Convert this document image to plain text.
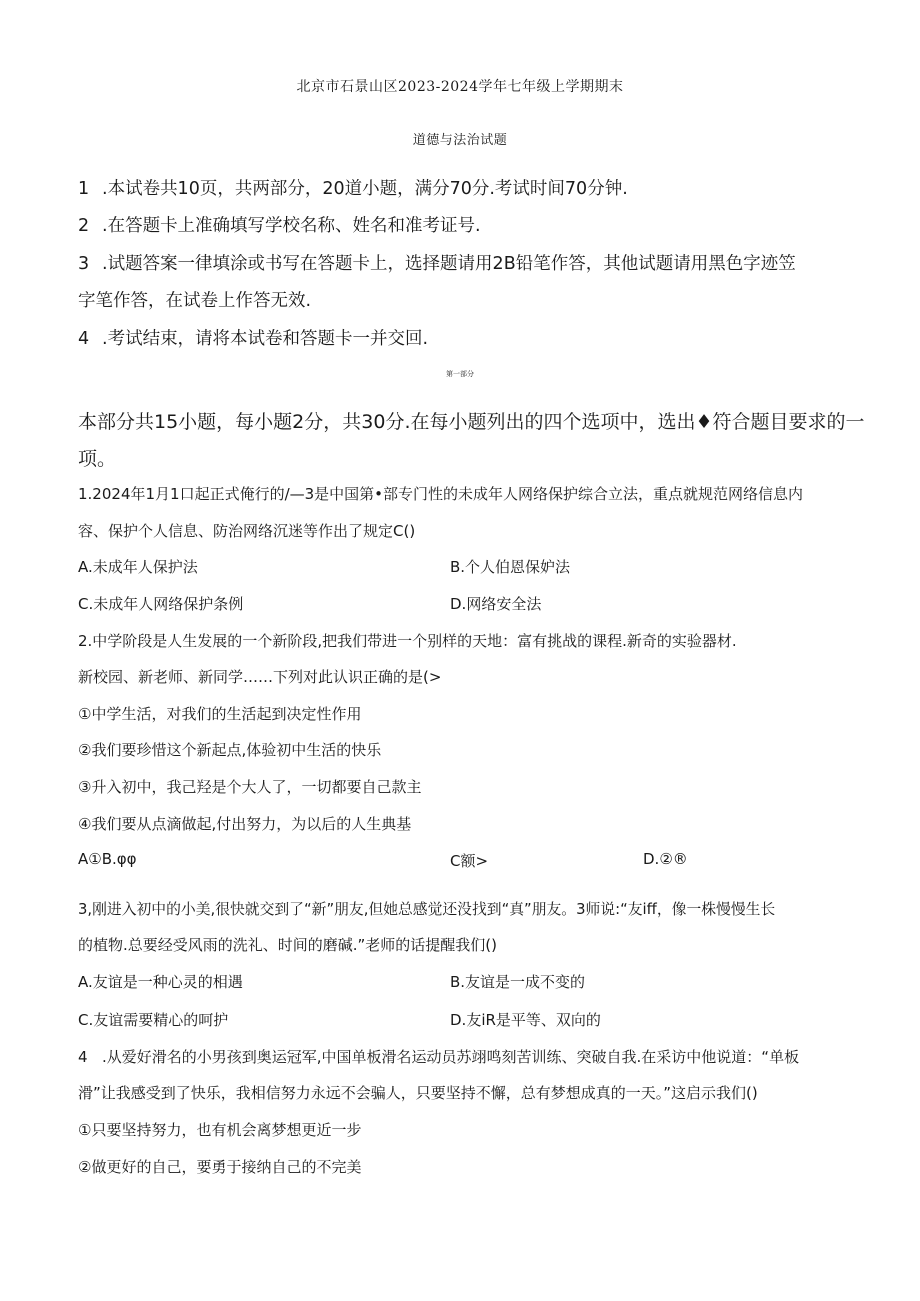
北京市石景山区2023-2024学年七年级上学期期末
道德与法治试题
1 .本试卷共10页，共两部分，20道小题，满分70分.考试时间70分钟.
2 .在答题卡上准确填写学校名称、姓名和准考证号.
3 .试题答案一律填涂或书写在答题卡上，选择题请用2B铅笔作答，其他试题请用黑色字迹笠
字笔作答，在试卷上作答无效.
4 .考试结束，请将本试卷和答题卡一并交回.
第一部分
本部分共15小题，每小题2分，共30分.在每小题列出的四个选项中，选出♦符合题目要求的一
项。
1.2024年1月1口起正式俺行的/—3是中国第•部专门性的未成年人网络保护综合立法，重点就规范网络信息内
容、保护个人信息、防治网络沉迷等作出了规定C()
A.未成年人保护法	B.个人伯恩保妒法
C.未成年人网络保护条例	D.网络安全法
2.中学阶段是人生发展的一个新阶段,把我们带进一个别样的天地：富有挑战的课程.新奇的实验器材.
新校园、新老师、新同学……下列对此认识正确的是(>
①中学生活，对我们的生活起到决定性作用
②我们要珍惜这个新起点,体验初中生活的快乐
③升入初中，我己羟是个大人了，一切都要自己款主
④我们要从点滴做起,付出努力，为以后的人生典基
A①B.φφ	C额>	D.②®
3,刚进入初中的小美,很快就交到了“新”朋友,但她总感觉还没找到“真”朋友。3师说:“友iff，像一株慢慢生长
的植物.总要经受风雨的洗礼、时间的磨碱.”老师的话提醒我们()
A.友谊是一种心灵的相遇	B.友谊是一成不变的
C.友谊需要精心的呵护	D.友iR是平等、双向的
4 .从爱好滑名的小男孩到奥运冠军,中国单板滑名运动员苏翊鸣刻苦训练、突破自我.在采访中他说道：“单板
滑”让我感受到了快乐，我相信努力永远不会骗人，只要坚持不懈，总有梦想成真的一天。”这启示我们()
①只要坚持努力，也有机会离梦想更近一步
②做更好的自己，要勇于接纳自己的不完美
